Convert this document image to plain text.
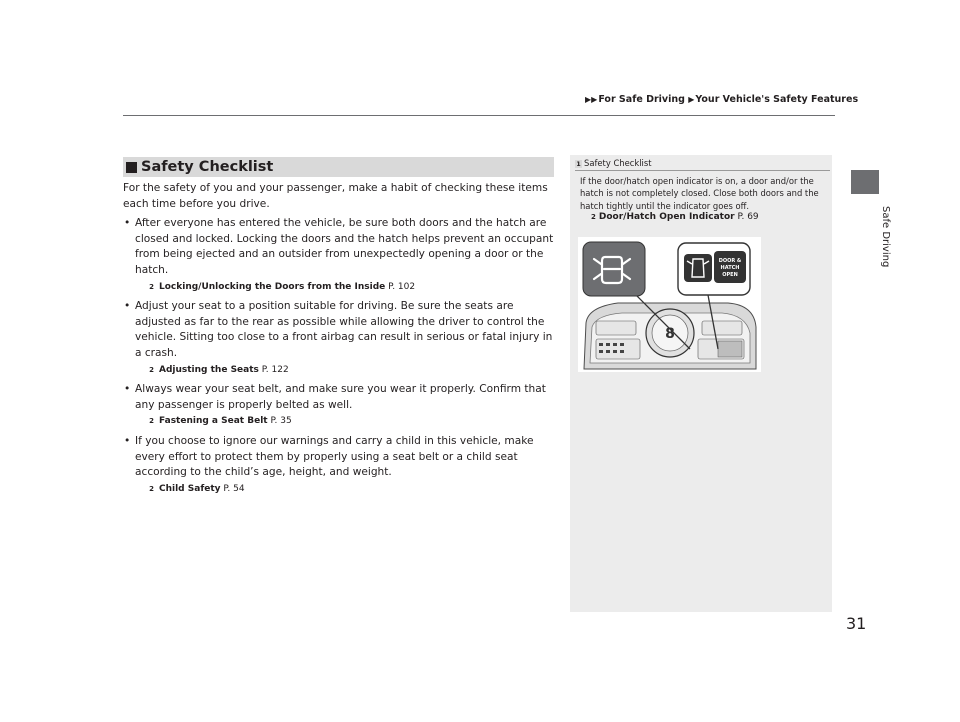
▶▶For Safe Driving ▶Your Vehicle's Safety Features
Safe Driving
Safety Checklist

For the safety of you and your passenger, make a habit of checking these items each time before you drive.

• After everyone has entered the vehicle, be sure both doors and the hatch are closed and locked. Locking the doors and the hatch helps prevent an occupant from being ejected and an outsider from unexpectedly opening a door or the hatch.
2 Locking/Unlocking the Doors from the Inside P. 102
• Adjust your seat to a position suitable for driving. Be sure the seats are adjusted as far to the rear as possible while allowing the driver to control the vehicle. Sitting too close to a front airbag can result in serious or fatal injury in a crash.
2 Adjusting the Seats P. 122
• Always wear your seat belt, and make sure you wear it properly. Confirm that any passenger is properly belted as well.
2 Fastening a Seat Belt P. 35
• If you choose to ignore our warnings and carry a child in this vehicle, make every effort to protect them by properly using a seat belt or a child seat according to the child’s age, height, and weight.
2 Child Safety P. 54
1 Safety Checklist
If the door/hatch open indicator is on, a door and/or the hatch is not completely closed. Close both doors and the hatch tightly until the indicator goes off.
2 Door/Hatch Open Indicator P. 69
8
DOOR &
HATCH
OPEN
31
